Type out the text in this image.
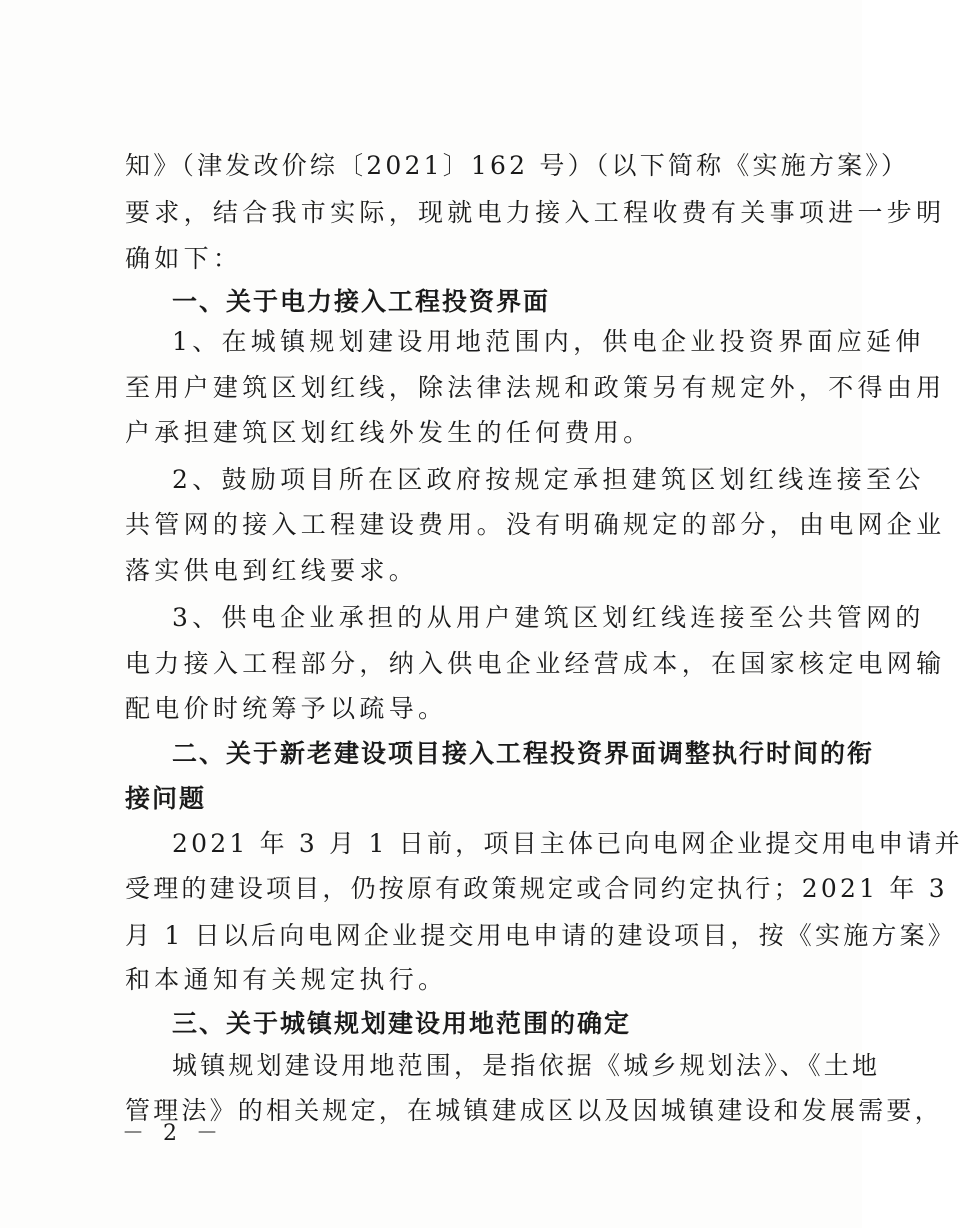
知》（津发改价综〔2021〕162 号）（以下简称《实施方案》）
要求，结合我市实际，现就电力接入工程收费有关事项进一步明
确如下：
一、关于电力接入工程投资界面
1、在城镇规划建设用地范围内，供电企业投资界面应延伸
至用户建筑区划红线，除法律法规和政策另有规定外，不得由用
户承担建筑区划红线外发生的任何费用。
2、鼓励项目所在区政府按规定承担建筑区划红线连接至公
共管网的接入工程建设费用。没有明确规定的部分，由电网企业
落实供电到红线要求。
3、供电企业承担的从用户建筑区划红线连接至公共管网的
电力接入工程部分，纳入供电企业经营成本，在国家核定电网输
配电价时统筹予以疏导。
二、关于新老建设项目接入工程投资界面调整执行时间的衔
接问题
2021 年 3 月 1 日前，项目主体已向电网企业提交用电申请并
受理的建设项目，仍按原有政策规定或合同约定执行；2021 年 3
月 1 日以后向电网企业提交用电申请的建设项目，按《实施方案》
和本通知有关规定执行。
三、关于城镇规划建设用地范围的确定
城镇规划建设用地范围，是指依据《城乡规划法》、《土地
管理法》的相关规定，在城镇建成区以及因城镇建设和发展需要，
－ 2 －
